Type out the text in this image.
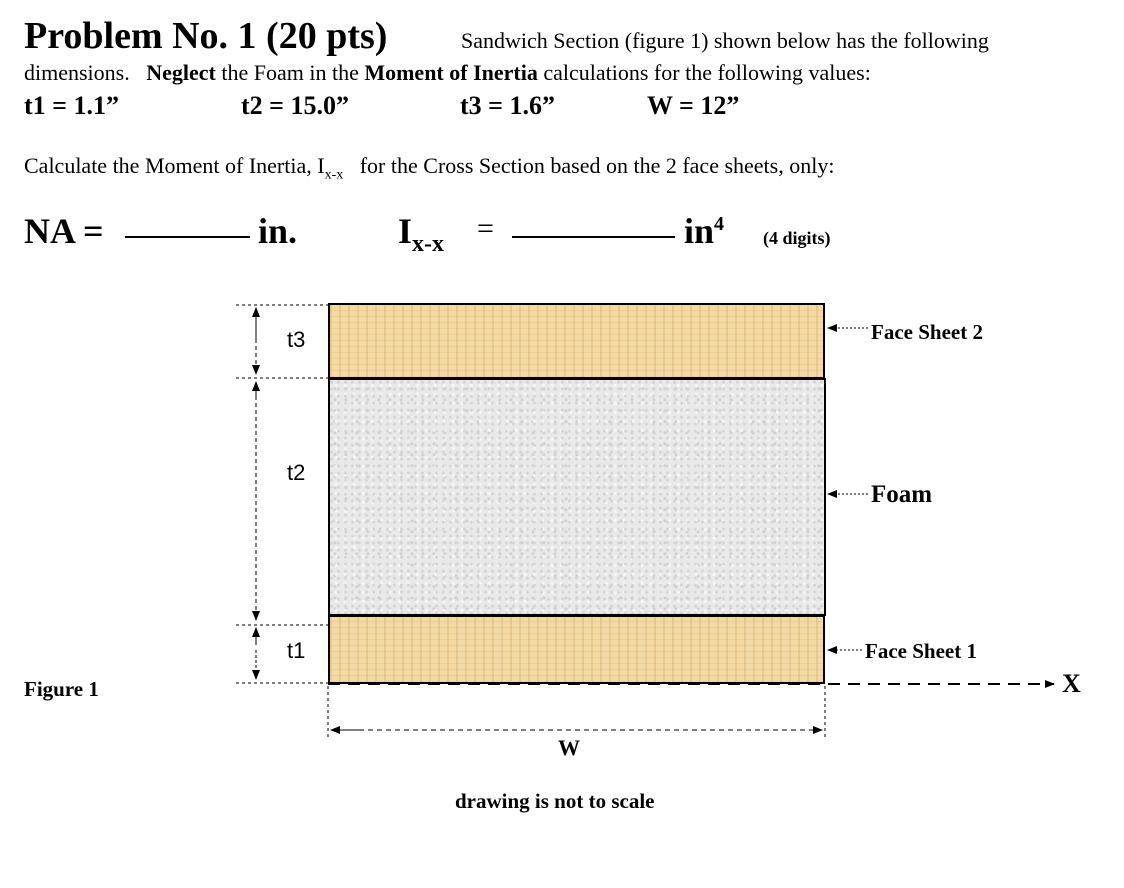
Problem No. 1 (20 pts)	Sandwich Section (figure 1) shown below has the following
dimensions. Neglect the Foam in the Moment of Inertia calculations for the following values:
t1 = 1.1”	t2 = 15.0”	t3 = 1.6”	W = 12”
Calculate the Moment of Inertia, $I_{x-x}$ for the Cross Section based on the 2 face sheets, only:
NA =	in.	$I_{x-x}$ =	$in^4$
(4 digits)
t3
t2
t1
Face Sheet 2
Foam
Face Sheet 1
X
Figure 1
W
drawing is not to scale
